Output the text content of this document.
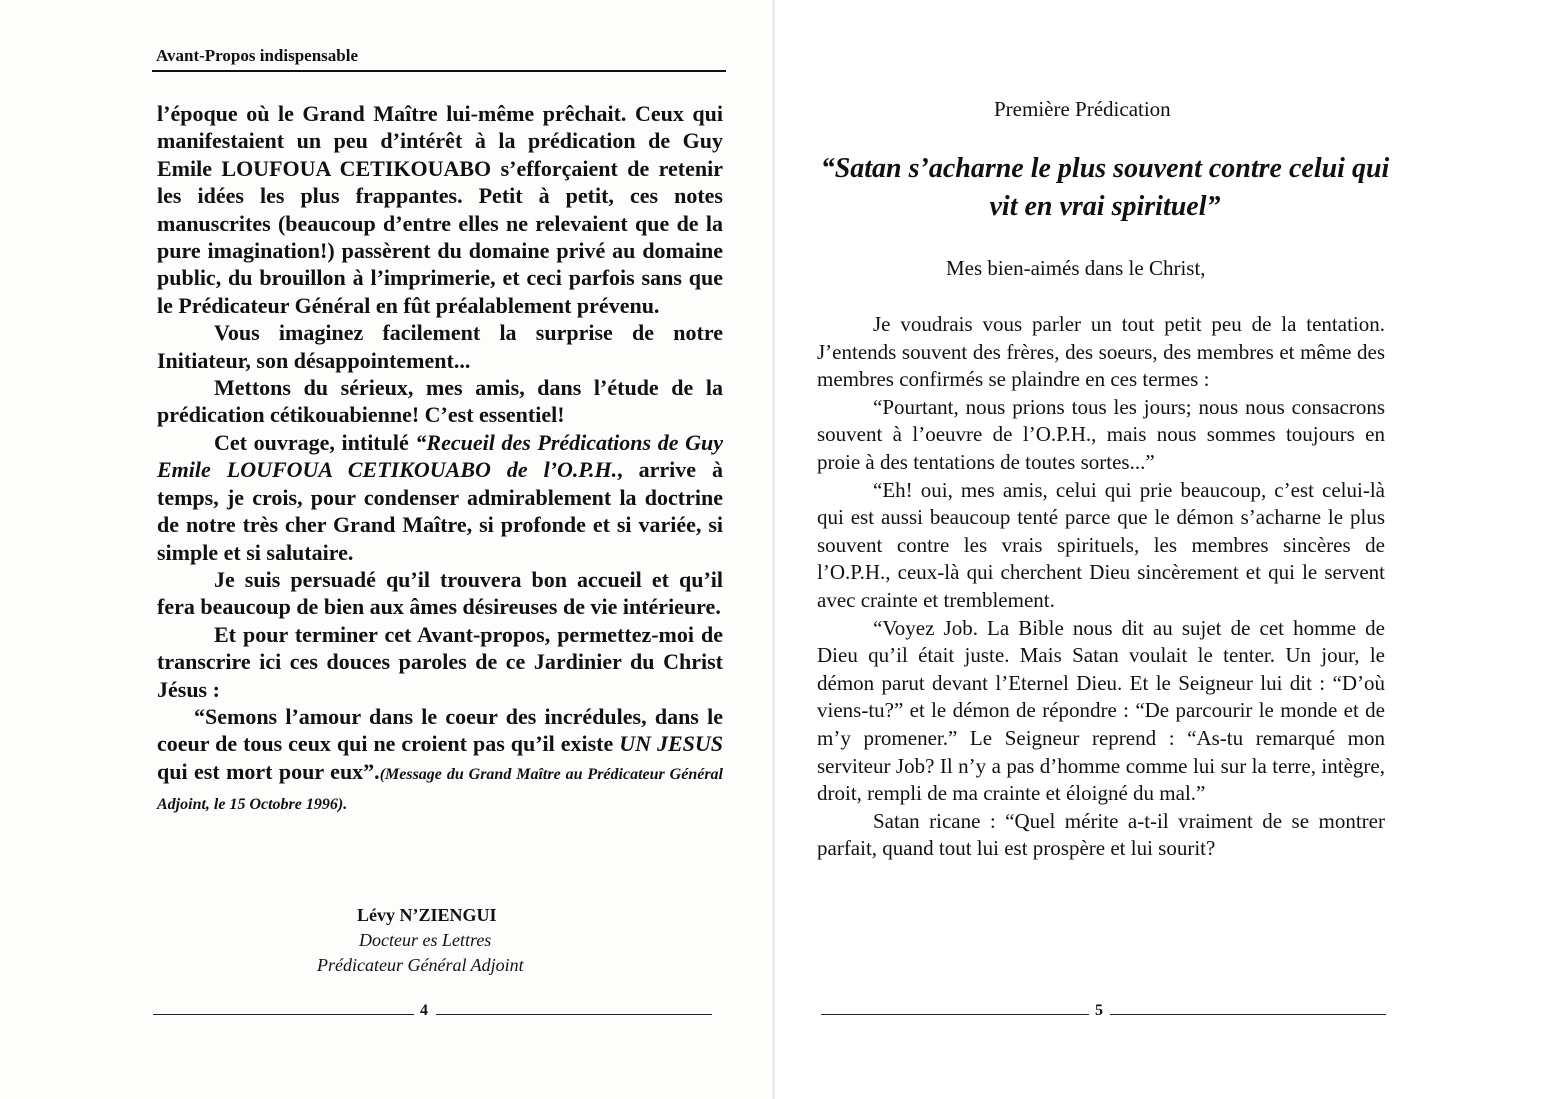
Avant-Propos indispensable

l’époque où le Grand Maître lui-même prêchait. Ceux qui manifestaient un peu d’intérêt à la prédication de Guy Emile LOUFOUA CETIKOUABO s’efforçaient de retenir les idées les plus frappantes. Petit à petit, ces notes manuscrites (beaucoup d’entre elles ne relevaient que de la pure imagination!) passèrent du domaine privé au domaine public, du brouillon à l’imprimerie, et ceci parfois sans que le Prédicateur Général en fût préalablement prévenu.

Vous imaginez facilement la surprise de notre Initiateur, son désappointement...

Mettons du sérieux, mes amis, dans l’étude de la prédication cétikouabienne! C’est essentiel!

Cet ouvrage, intitulé “Recueil des Prédications de Guy Emile LOUFOUA CETIKOUABO de l’O.P.H., arrive à temps, je crois, pour condenser admirablement la doctrine de notre très cher Grand Maître, si profonde et si variée, si simple et si salutaire.

Je suis persuadé qu’il trouvera bon accueil et qu’il fera beaucoup de bien aux âmes désireuses de vie intérieure.

Et pour terminer cet Avant-propos, permettez-moi de transcrire ici ces douces paroles de ce Jardinier du Christ Jésus :

“Semons l’amour dans le coeur des incrédules, dans le coeur de tous ceux qui ne croient pas qu’il existe UN JESUS qui est mort pour eux”.(Message du Grand Maître au Prédicateur Général Adjoint, le 15 Octobre 1996).

Lévy N’ZIENGUI
Docteur es Lettres
Prédicateur Général Adjoint
4	5
Première Prédication
“Satan s’acharne le plus souvent contre celui qui vit en vrai spirituel”
Mes bien-aimés dans le Christ,

Je voudrais vous parler un tout petit peu de la tentation. J’entends souvent des frères, des soeurs, des membres et même des membres confirmés se plaindre en ces termes :

“Pourtant, nous prions tous les jours; nous nous consacrons souvent à l’oeuvre de l’O.P.H., mais nous sommes toujours en proie à des tentations de toutes sortes...”

“Eh! oui, mes amis, celui qui prie beaucoup, c’est celui-là qui est aussi beaucoup tenté parce que le démon s’acharne le plus souvent contre les vrais spirituels, les membres sincères de l’O.P.H., ceux-là qui cherchent Dieu sincèrement et qui le servent avec crainte et tremblement.

“Voyez Job. La Bible nous dit au sujet de cet homme de Dieu qu’il était juste. Mais Satan voulait le tenter. Un jour, le démon parut devant l’Eternel Dieu. Et le Seigneur lui dit : “D’où viens-tu?” et le démon de répondre : “De parcourir le monde et de m’y promener.” Le Seigneur reprend : “As-tu remarqué mon serviteur Job? Il n’y a pas d’homme comme lui sur la terre, intègre, droit, rempli de ma crainte et éloigné du mal.”

Satan ricane : “Quel mérite a-t-il vraiment de se montrer parfait, quand tout lui est prospère et lui sourit?
